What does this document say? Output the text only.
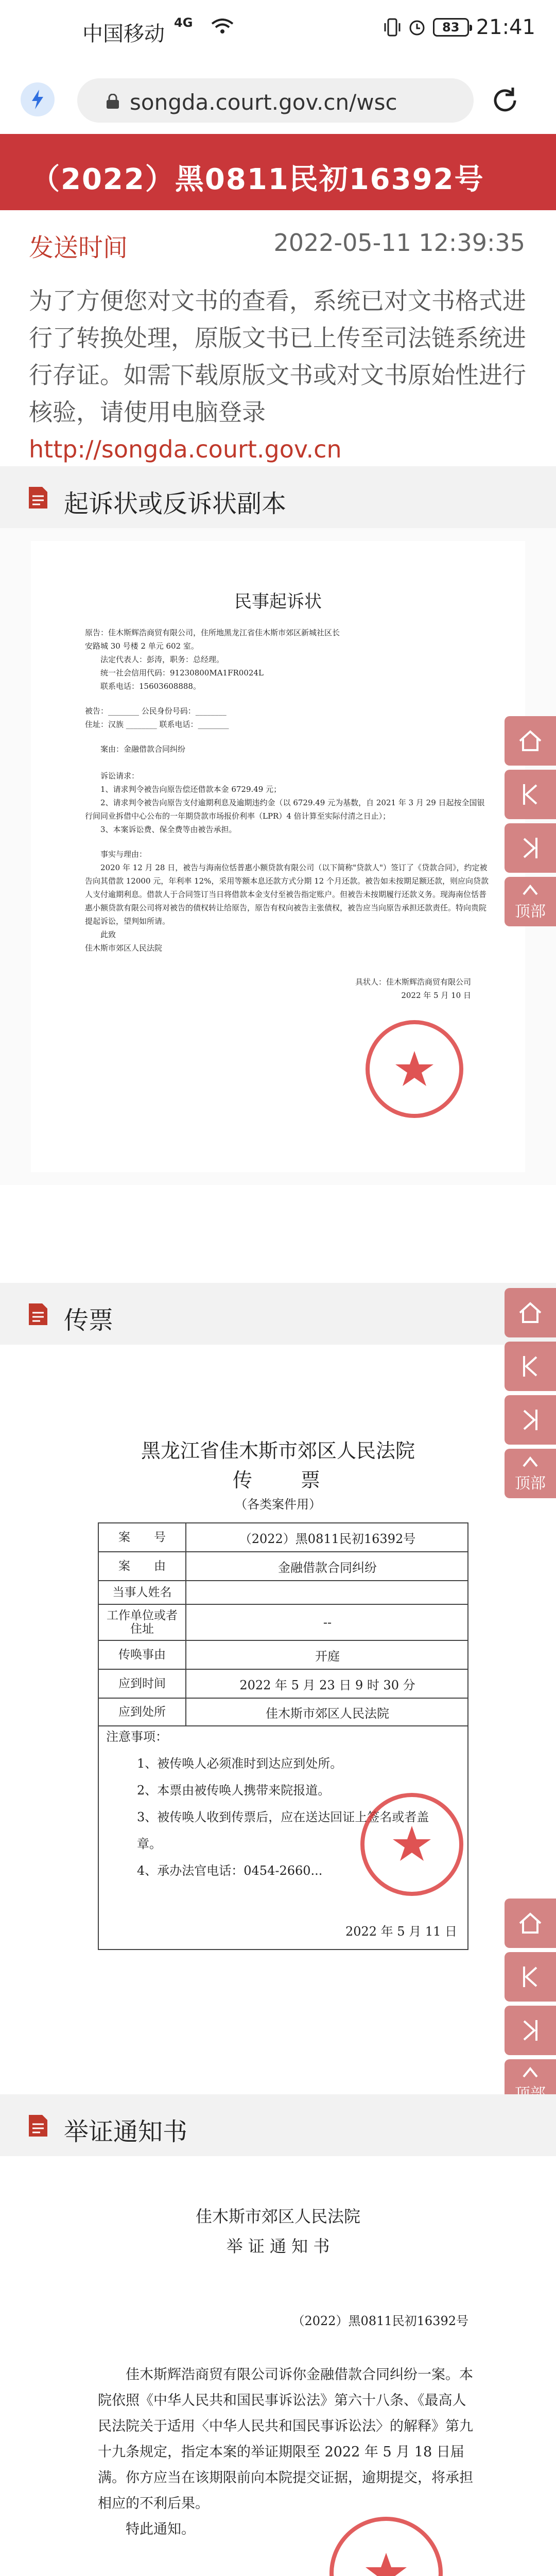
中国移动 4G	83 21:41
songda.court.gov.cn/wsc
（2022）黑0811民初16392号
发送时间	2022-05-11 12:39:35

为了方便您对文书的查看，系统已对文书格式进行了转换处理，原版文书已上传至司法链系统进行存证。如需下载原版文书或对文书原始性进行核验，请使用电脑登录http://songda.court.gov.cn

起诉状或反诉状副本
民事起诉状

原告：佳木斯辉浩商贸有限公司，住所地黑龙江省佳木斯市郊区新城社区长

安路城 30 号楼 2 单元 602 室。

法定代表人：彭涛，职务：总经理。

统一社会信用代码：91230800MA1FR0024L

联系电话：15603608888。

被告：________ 公民身份号码：________

住址：汉族 ________ 联系电话：________

案由：金融借款合同纠纷

诉讼请求：

1、请求判令被告向原告偿还借款本金 6729.49 元；

2、请求判令被告向原告支付逾期利息及逾期违约金（以 6729.49 元为基数，自 2021 年 3 月 29 日起按全国银行间同业拆借中心公布的一年期贷款市场报价利率（LPR）4 倍计算至实际付清之日止）；

3、本案诉讼费、保全费等由被告承担。

事实与理由：

2020 年 12 月 28 日，被告与海南位恬普惠小额贷款有限公司（以下简称"贷款人"）签订了《贷款合同》，约定被告向其借款 12000 元，年利率 12%，采用等额本息还款方式分期 12 个月还款。被告如未按期足额还款，则应向贷款人支付逾期利息。借款人于合同签订当日将借款本金支付至被告指定账户。但被告未按期履行还款义务。现海南位恬普惠小额贷款有限公司将对被告的债权转让给原告，原告有权向被告主张债权，被告应当向原告承担还款责任。特向贵院提起诉讼，望判如所请。

此致

佳木斯市郊区人民法院

具状人：佳木斯辉浩商贸有限公司

2022 年 5 月 10 日

顶部
传票
黑龙江省佳木斯市郊区人民法院
传　　票
（各类案件用）
案　　号	（2022）黑0811民初16392号
案　　由	金融借款合同纠纷
当事人姓名
工作单位或者住址	--
传唤事由	开庭
应到时间	2022 年 5 月 23 日 9 时 30 分
应到处所	佳木斯市郊区人民法院

注意事项：

1、被传唤人必须准时到达应到处所。

2、本票由被传唤人携带来院报道。

3、被传唤人收到传票后，应在送达回证上签名或者盖章。

4、承办法官电话：0454-2660...

2022 年 5 月 11 日
顶部
举证通知书
佳木斯市郊区人民法院
举 证 通 知 书
（2022）黑0811民初16392号

佳木斯辉浩商贸有限公司诉你金融借款合同纠纷一案。本院依照《中华人民共和国民事诉讼法》第六十八条、《最高人民法院关于适用〈中华人民共和国民事诉讼法〉的解释》第九十九条规定，指定本案的举证期限至 2022 年 5 月 18 日届满。你方应当在该期限前向本院提交证据，逾期提交，将承担相应的不利后果。

特此通知。
